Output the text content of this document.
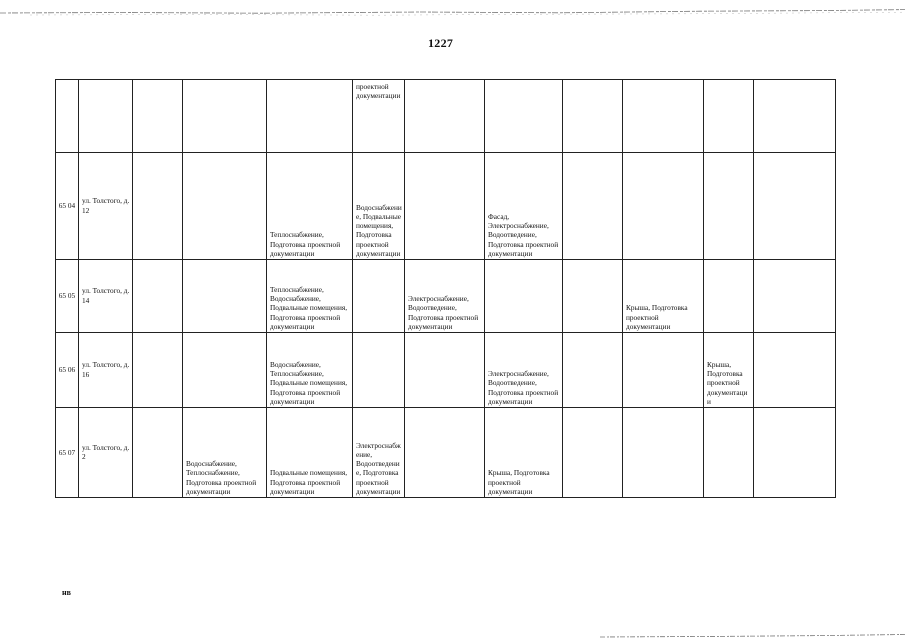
1227

					проектной документации						

65 04	ул. Толстого, д. 12			Теплоснабжение, Подготовка проектной документации	Водоснабжение, Подвальные помещения, Подготовка проектной документации		Фасад, Электроснабжение, Водоотведение, Подготовка проектной документации				

65 05	ул. Толстого, д. 14			Теплоснабжение, Водоснабжение, Подвальные помещения, Подготовка проектной документации		Электроснабжение, Водоотведение, Подготовка проектной документации			Крыша, Подготовка проектной документации		

65 06	ул. Толстого, д. 16			Водоснабжение, Теплоснабжение, Подвальные помещения, Подготовка проектной документации			Электроснабжение, Водоотведение, Подготовка проектной документации			Крыша, Подготовка проектной документации	

65 07	ул. Толстого, д. 2		Водоснабжение, Теплоснабжение, Подготовка проектной документации	Подвальные помещения, Подготовка проектной документации	Электроснабжение, Водоотведение, Подготовка проектной документации		Крыша, Подготовка проектной документации				

нв
